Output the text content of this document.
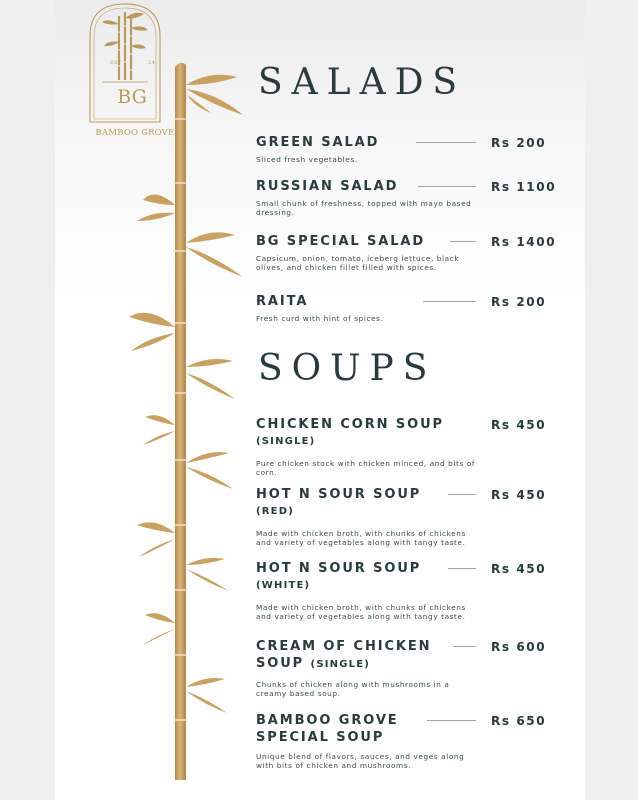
EST	24
BG
BAMBOO GROVE
SALADS
GREEN SALAD
Sliced fresh vegetables.
Rs 200
RUSSIAN SALAD
Small chunk of freshness, topped with mayo based dressing.
Rs 1100
BG SPECIAL SALAD
Capsicum, onion, tomato, iceberg lettuce, black olives, and chicken fillet filled with spices.
Rs 1400
RAITA
Fresh curd with hint of spices.
Rs 200
SOUPS
CHICKEN CORN SOUP
(SINGLE)
Pure chicken stock with chicken minced, and bits of corn.
Rs 450
HOT N SOUR SOUP
(RED)
Made with chicken broth, with chunks of chickens and variety of vegetables along with tangy taste.
Rs 450
HOT N SOUR SOUP
(WHITE)
Made with chicken broth, with chunks of chickens and variety of vegetables along with tangy taste.
Rs 450
CREAM OF CHICKEN
SOUP (SINGLE)
Chunks of chicken along with mushrooms in a creamy based soup.
Rs 600
BAMBOO GROVE
SPECIAL SOUP
Unique blend of flavors, sauces, and veges along with bits of chicken and mushrooms.
Rs 650
